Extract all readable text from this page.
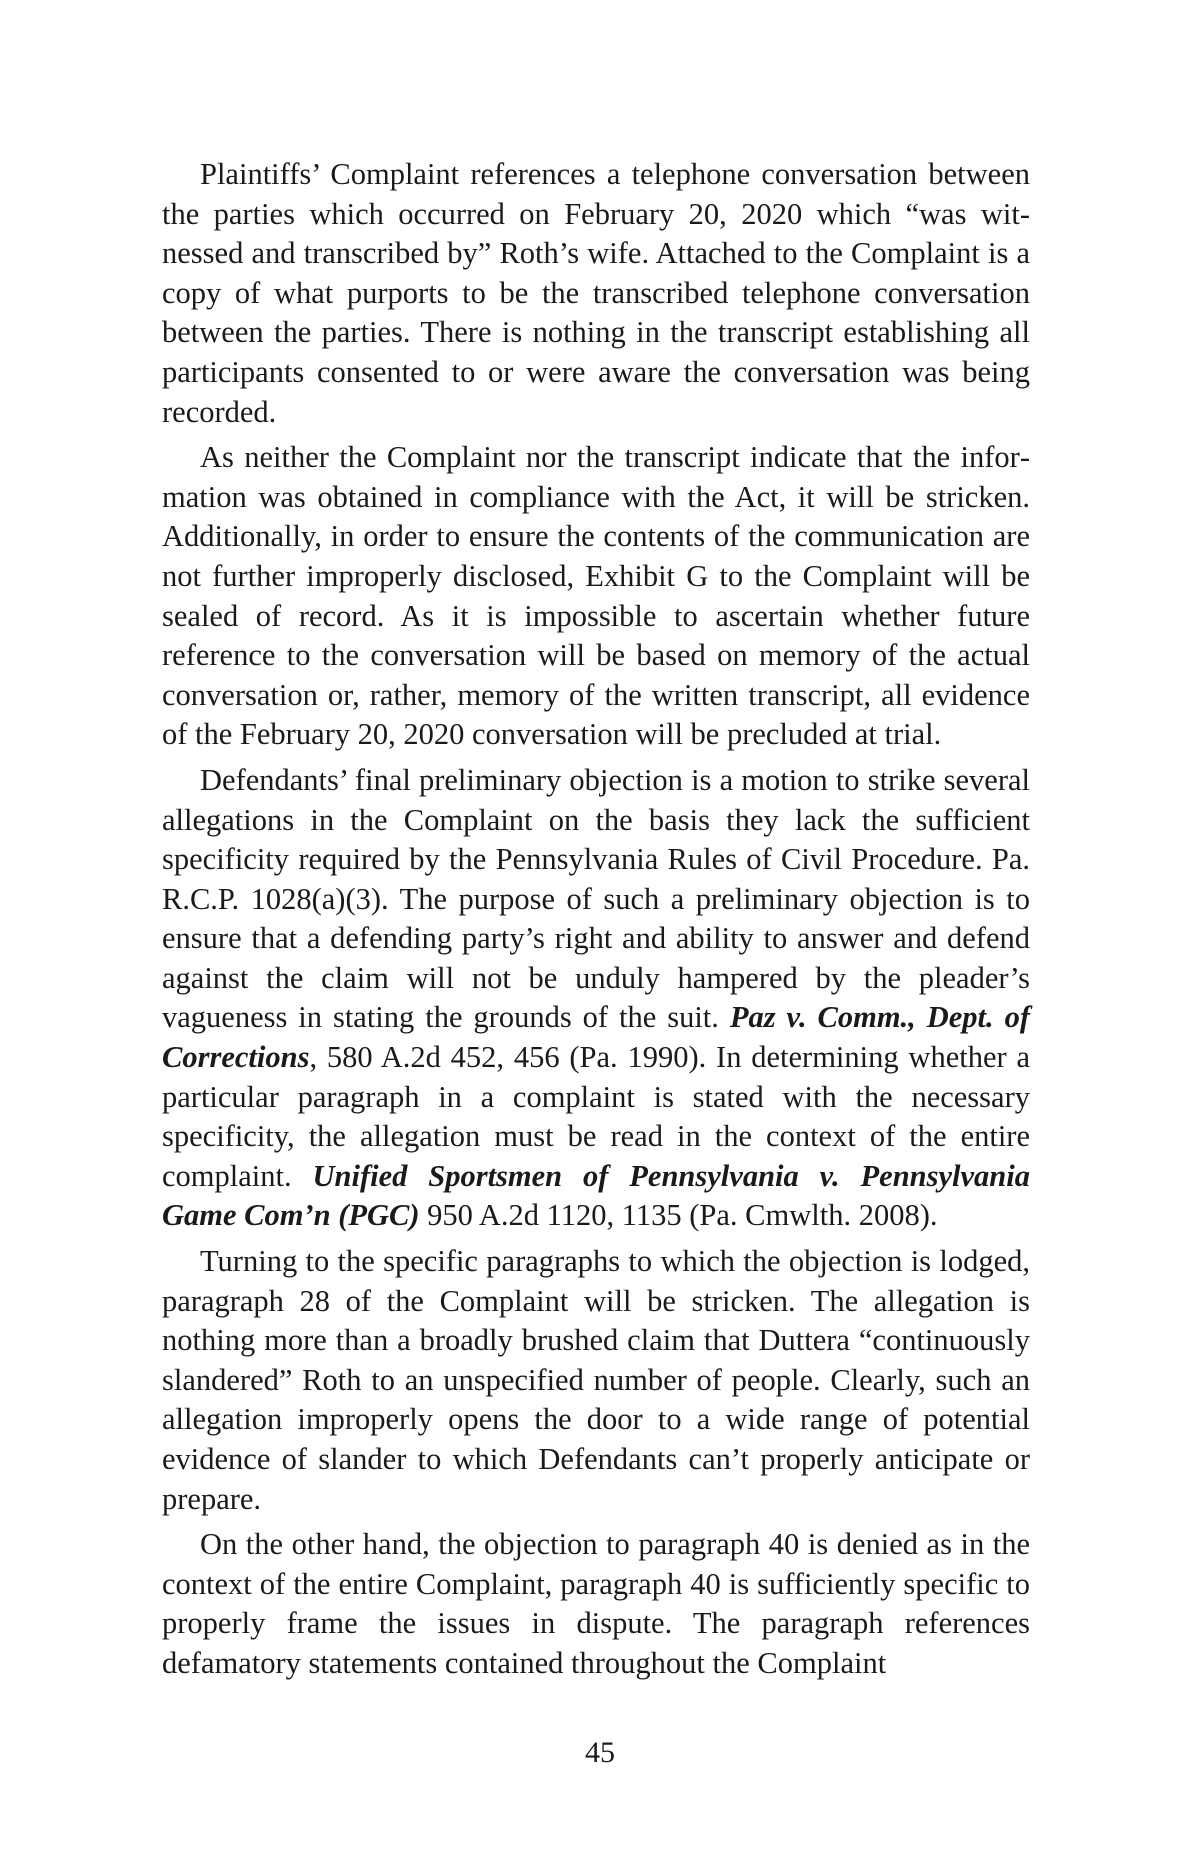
Plaintiffs’ Complaint references a telephone conversation between the parties which occurred on February 20, 2020 which “was witnessed and transcribed by” Roth’s wife. Attached to the Complaint is a copy of what purports to be the transcribed telephone conversation between the parties. There is nothing in the transcript establishing all participants consented to or were aware the conversation was being recorded.

As neither the Complaint nor the transcript indicate that the information was obtained in compliance with the Act, it will be stricken. Additionally, in order to ensure the contents of the communication are not further improperly disclosed, Exhibit G to the Complaint will be sealed of record. As it is impossible to ascertain whether future reference to the conversation will be based on memory of the actual conversation or, rather, memory of the written transcript, all evidence of the February 20, 2020 conversation will be precluded at trial.

Defendants’ final preliminary objection is a motion to strike several allegations in the Complaint on the basis they lack the sufficient specificity required by the Pennsylvania Rules of Civil Procedure. Pa. R.C.P. 1028(a)(3). The purpose of such a preliminary objection is to ensure that a defending party’s right and ability to answer and defend against the claim will not be unduly hampered by the pleader’s vagueness in stating the grounds of the suit. Paz v. Comm., Dept. of Corrections, 580 A.2d 452, 456 (Pa. 1990). In determining whether a particular paragraph in a complaint is stated with the necessary specificity, the allegation must be read in the context of the entire complaint. Unified Sportsmen of Pennsylvania v. Pennsylvania Game Com’n (PGC) 950 A.2d 1120, 1135 (Pa. Cmwlth. 2008).

Turning to the specific paragraphs to which the objection is lodged, paragraph 28 of the Complaint will be stricken. The allegation is nothing more than a broadly brushed claim that Duttera “continuously slandered” Roth to an unspecified number of people. Clearly, such an allegation improperly opens the door to a wide range of potential evidence of slander to which Defendants can’t properly anticipate or prepare.

On the other hand, the objection to paragraph 40 is denied as in the context of the entire Complaint, paragraph 40 is sufficiently specific to properly frame the issues in dispute. The paragraph references defamatory statements contained throughout the Complaint

45
